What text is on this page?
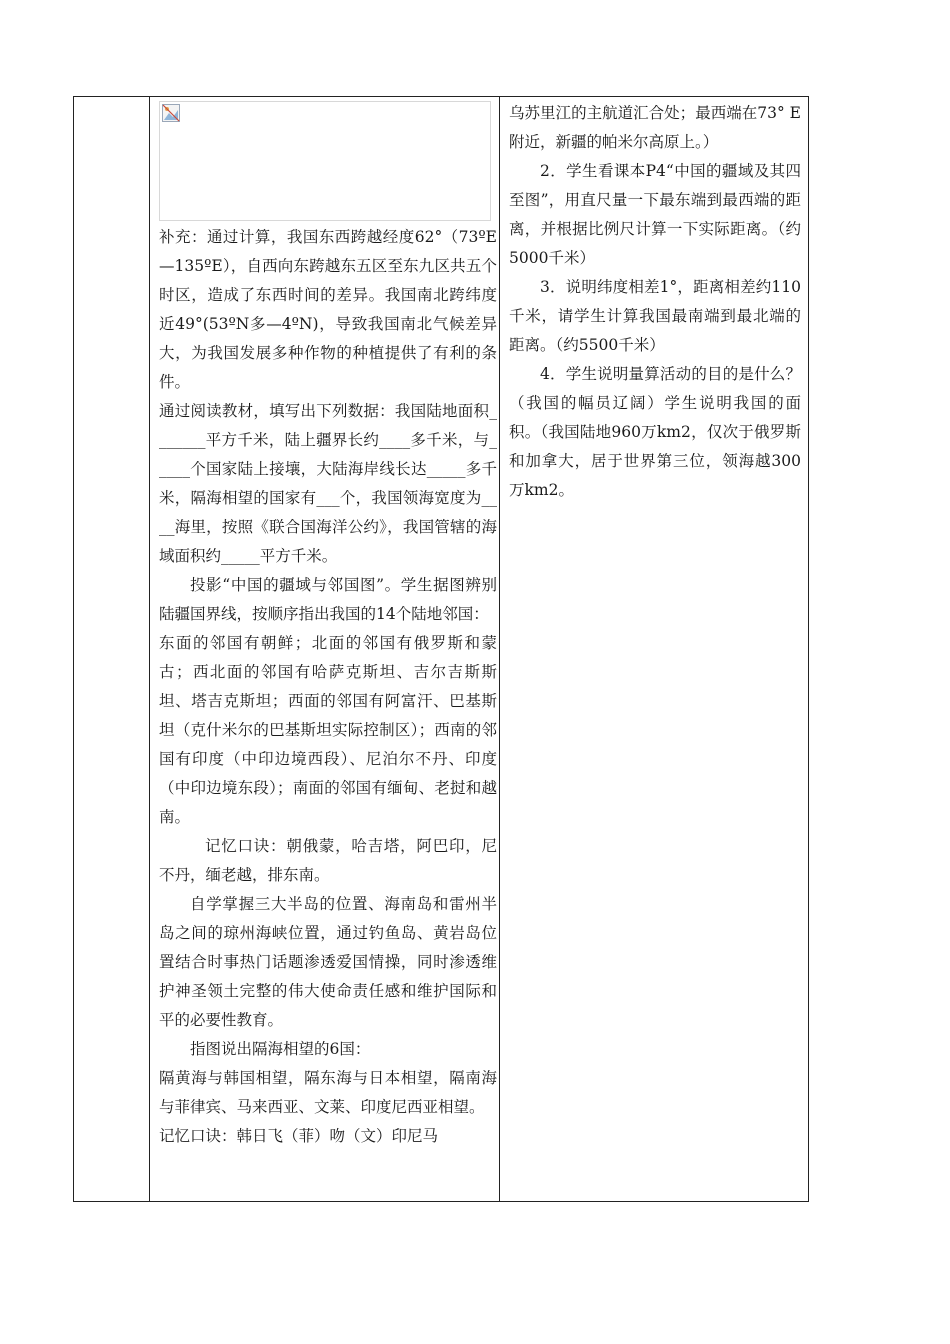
补充：通过计算，我国东西跨越经度62°（73ºE—135ºE），自西向东跨越东五区至东九区共五个时区，造成了东西时间的差异。我国南北跨纬度近49°(53ºN多—4ºN)，导致我国南北气候差异大，为我国发展多种作物的种植提供了有利的条件。

通过阅读教材，填写出下列数据：我国陆地面积_______平方千米，陆上疆界长约____多千米，与_____个国家陆上接壤，大陆海岸线长达_____多千米，隔海相望的国家有___个，我国领海宽度为____海里，按照《联合国海洋公约》，我国管辖的海域面积约_____平方千米。

投影“中国的疆域与邻国图”。学生据图辨别陆疆国界线，按顺序指出我国的14个陆地邻国：

东面的邻国有朝鲜；北面的邻国有俄罗斯和蒙古；西北面的邻国有哈萨克斯坦、吉尔吉斯斯坦、塔吉克斯坦；西面的邻国有阿富汗、巴基斯坦（克什米尔的巴基斯坦实际控制区）；西南的邻国有印度（中印边境西段）、尼泊尔不丹、印度（中印边境东段）；南面的邻国有缅甸、老挝和越南。

记忆口诀：朝俄蒙，哈吉塔，阿巴印，尼不丹，缅老越，排东南。

自学掌握三大半岛的位置、海南岛和雷州半岛之间的琼州海峡位置，通过钓鱼岛、黄岩岛位置结合时事热门话题渗透爱国情操，同时渗透维护神圣领土完整的伟大使命责任感和维护国际和平的必要性教育。

指图说出隔海相望的6国：

隔黄海与韩国相望，隔东海与日本相望，隔南海与菲律宾、马来西亚、文莱、印度尼西亚相望。

记忆口诀：韩日飞（菲）吻（文）印尼马

乌苏里江的主航道汇合处；最西端在73° E附近，新疆的帕米尔高原上。）

2．学生看课本P4“中国的疆域及其四至图”，用直尺量一下最东端到最西端的距离，并根据比例尺计算一下实际距离。（约5000千米）

3．说明纬度相差1°，距离相差约110千米，请学生计算我国最南端到最北端的距离。（约5500千米）

4．学生说明量算活动的目的是什么？（我国的幅员辽阔）学生说明我国的面积。（我国陆地960万km2，仅次于俄罗斯和加拿大，居于世界第三位，领海越300万km2。
